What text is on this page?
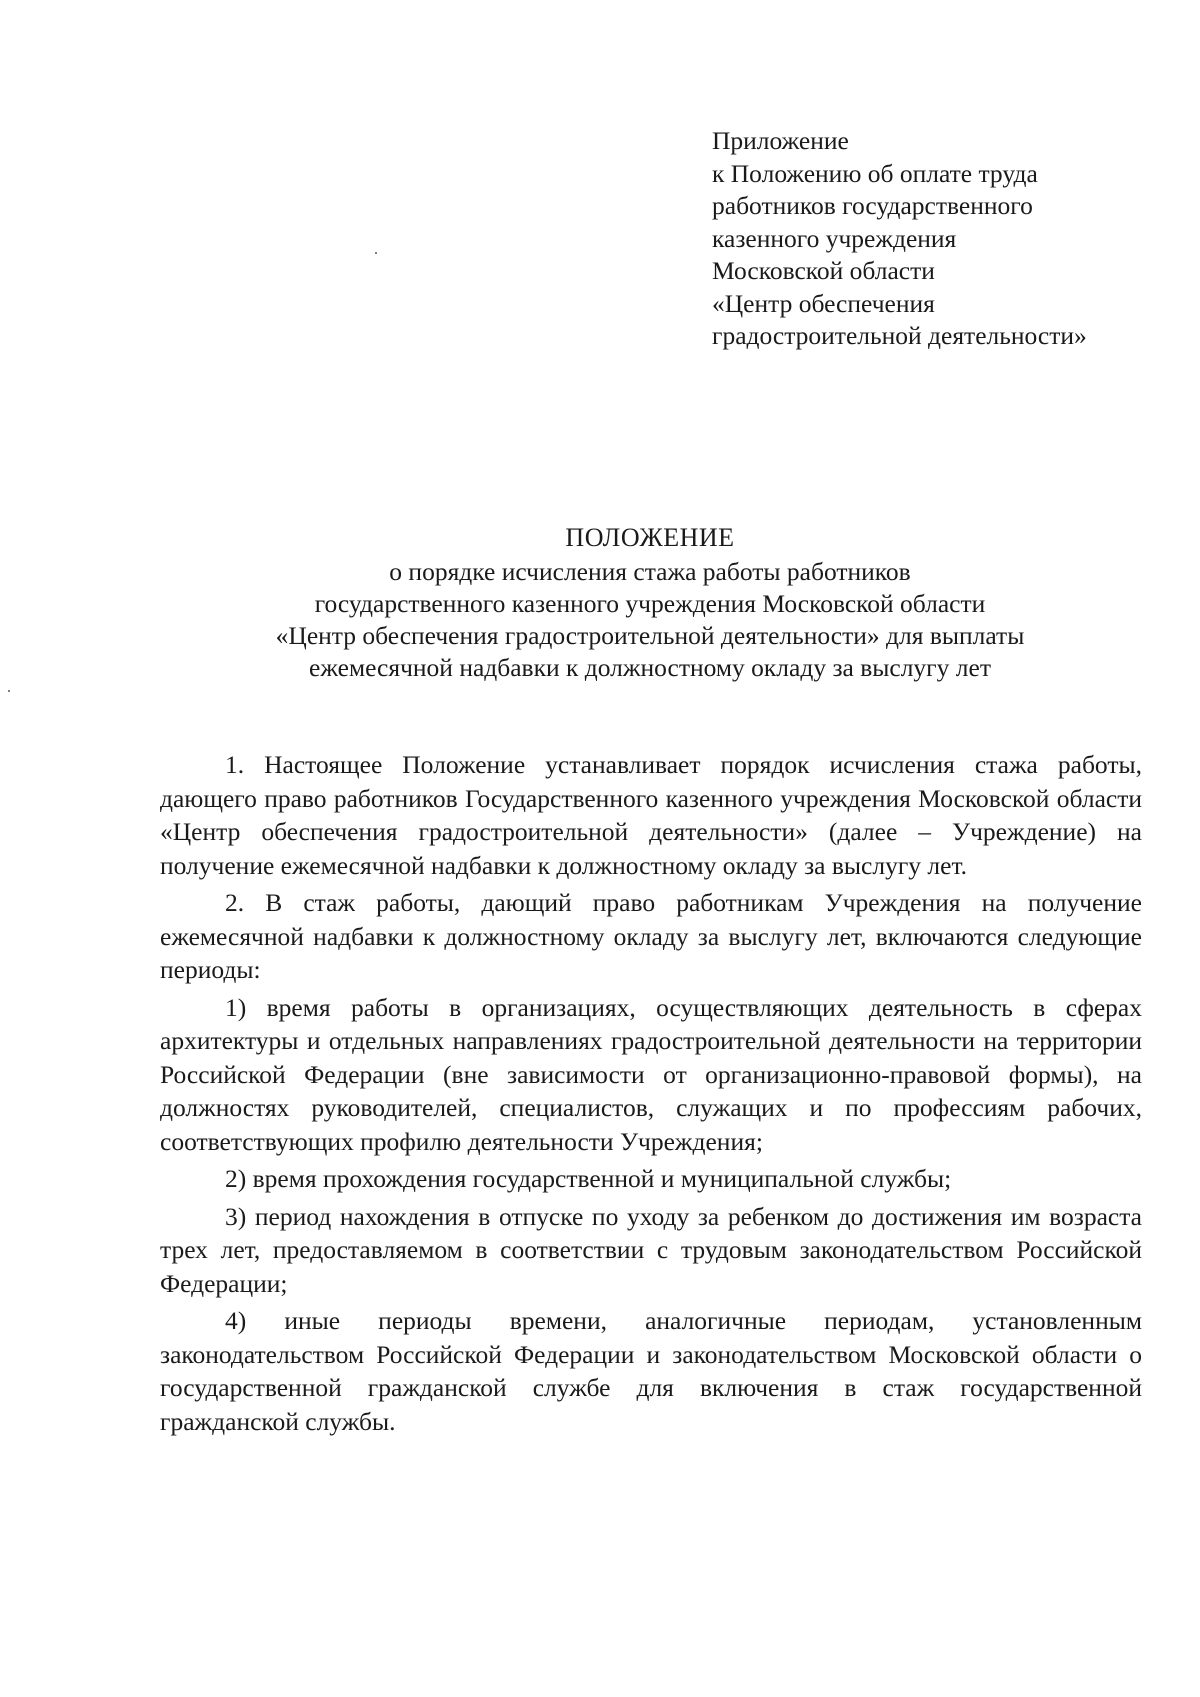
Приложение
к Положению об оплате труда
работников государственного
казенного учреждения
Московской области
«Центр обеспечения
градостроительной деятельности»
ПОЛОЖЕНИЕ
о порядке исчисления стажа работы работников
государственного казенного учреждения Московской области
«Центр обеспечения градостроительной деятельности» для выплаты
ежемесячной надбавки к должностному окладу за выслугу лет

1. Настоящее Положение устанавливает порядок исчисления стажа работы, дающего право работников Государственного казенного учреждения Московской области «Центр обеспечения градостроительной деятельности» (далее – Учреждение) на получение ежемесячной надбавки к должностному окладу за выслугу лет.

2. В стаж работы, дающий право работникам Учреждения на получение ежемесячной надбавки к должностному окладу за выслугу лет, включаются следующие периоды:

1) время работы в организациях, осуществляющих деятельность в сферах архитектуры и отдельных направлениях градостроительной деятельности на территории Российской Федерации (вне зависимости от организационно-правовой формы), на должностях руководителей, специалистов, служащих и по профессиям рабочих, соответствующих профилю деятельности Учреждения;

2) время прохождения государственной и муниципальной службы;

3) период нахождения в отпуске по уходу за ребенком до достижения им возраста трех лет, предоставляемом в соответствии с трудовым законодательством Российской Федерации;

4) иные периоды времени, аналогичные периодам, установленным законодательством Российской Федерации и законодательством Московской области о государственной гражданской службе для включения в стаж государственной гражданской службы.
